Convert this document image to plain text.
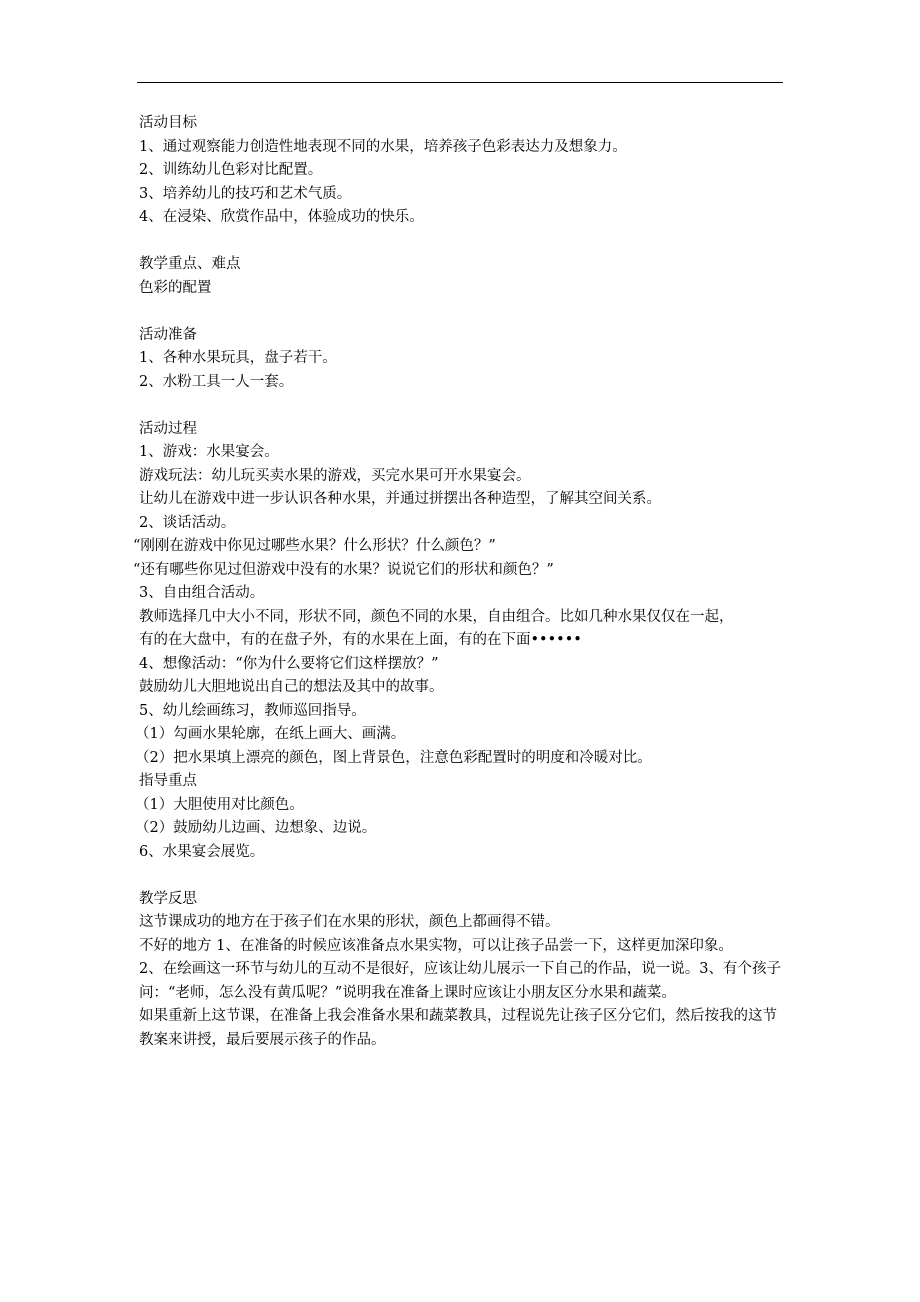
活动目标
1、通过观察能力创造性地表现不同的水果，培养孩子色彩表达力及想象力。
2、训练幼儿色彩对比配置。
3、培养幼儿的技巧和艺术气质。
4、在浸染、欣赏作品中，体验成功的快乐。
教学重点、难点
色彩的配置
活动准备
1、各种水果玩具，盘子若干。
2、水粉工具一人一套。
活动过程
1、游戏：水果宴会。
游戏玩法：幼儿玩买卖水果的游戏，买完水果可开水果宴会。
让幼儿在游戏中进一步认识各种水果，并通过拼摆出各种造型，了解其空间关系。
2、谈话活动。
“刚刚在游戏中你见过哪些水果？什么形状？什么颜色？”
“还有哪些你见过但游戏中没有的水果？说说它们的形状和颜色？”
3、自由组合活动。
教师选择几中大小不同，形状不同，颜色不同的水果，自由组合。比如几种水果仅仅在一起，
有的在大盘中，有的在盘子外，有的水果在上面，有的在下面••••••
4、想像活动：“你为什么要将它们这样摆放？”
鼓励幼儿大胆地说出自己的想法及其中的故事。
5、幼儿绘画练习，教师巡回指导。
（1）勾画水果轮廓，在纸上画大、画满。
（2）把水果填上漂亮的颜色，图上背景色，注意色彩配置时的明度和冷暖对比。
指导重点
（1）大胆使用对比颜色。
（2）鼓励幼儿边画、边想象、边说。
6、水果宴会展览。
教学反思
这节课成功的地方在于孩子们在水果的形状，颜色上都画得不错。
不好的地方 1、在准备的时候应该准备点水果实物，可以让孩子品尝一下，这样更加深印象。
2、在绘画这一环节与幼儿的互动不是很好，应该让幼儿展示一下自己的作品，说一说。3、有个孩子问：“老师，怎么没有黄瓜呢？”说明我在准备上课时应该让小朋友区分水果和蔬菜。
如果重新上这节课，在准备上我会准备水果和蔬菜教具，过程说先让孩子区分它们，然后按我的这节教案来讲授，最后要展示孩子的作品。
